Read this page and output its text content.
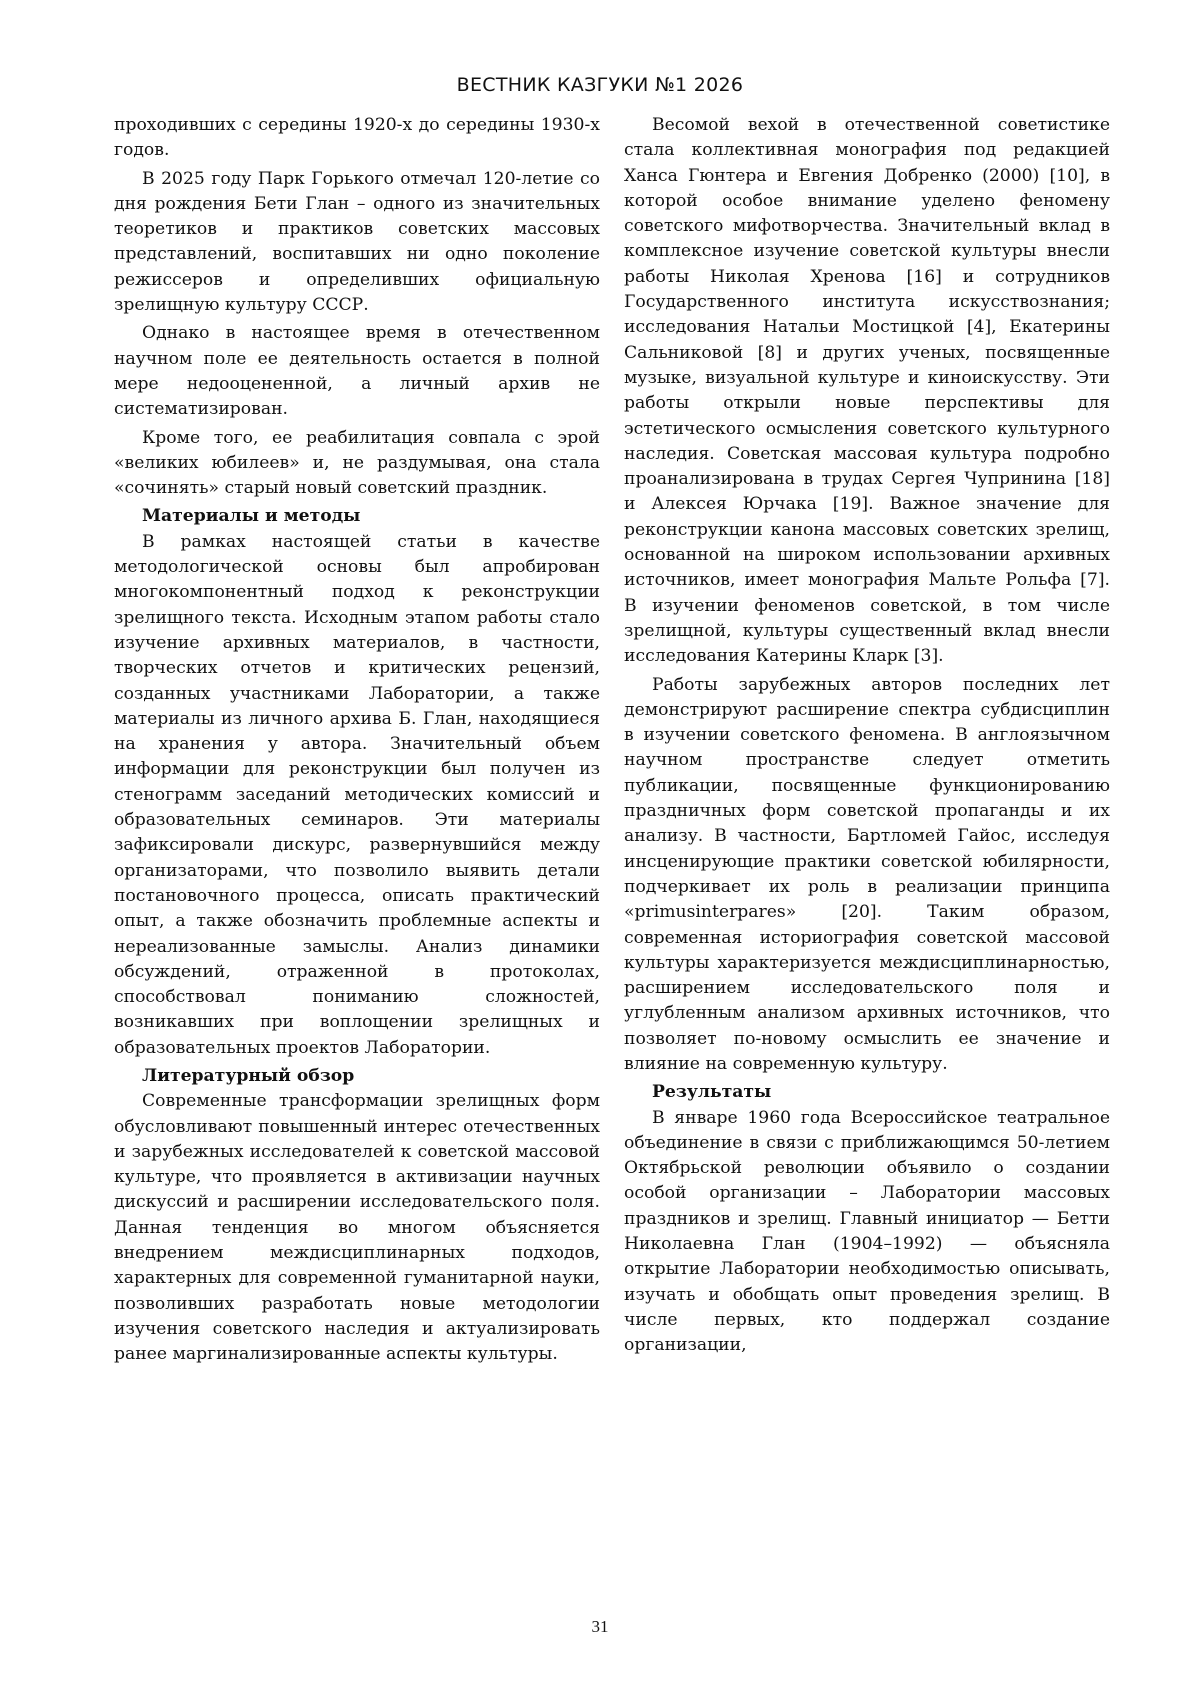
ВЕСТНИК КАЗГУКИ №1 2026

проходивших с середины 1920-х до середины 1930-х годов.

В 2025 году Парк Горького отмечал 120-летие со дня рождения Бети Глан – одного из значительных теоретиков и практиков советских массовых представлений, воспитавших ни одно поколение режиссеров и определивших официальную зрелищную культуру СССР.

Однако в настоящее время в отечественном научном поле ее деятельность остается в полной мере недооцененной, а личный архив не систематизирован.

Кроме того, ее реабилитация совпала с эрой «великих юбилеев» и, не раздумывая, она стала «сочинять» старый новый советский праздник.

Материалы и методы

В рамках настоящей статьи в качестве методологической основы был апробирован многокомпонентный подход к реконструкции зрелищного текста. Исходным этапом работы стало изучение архивных материалов, в частности, творческих отчетов и критических рецензий, созданных участниками Лаборатории, а также материалы из личного архива Б. Глан, находящиеся на хранения у автора. Значительный объем информации для реконструкции был получен из стенограмм заседаний методических комиссий и образовательных семинаров. Эти материалы зафиксировали дискурс, развернувшийся между организаторами, что позволило выявить детали постановочного процесса, описать практический опыт, а также обозначить проблемные аспекты и нереализованные замыслы. Анализ динамики обсуждений, отраженной в протоколах, способствовал пониманию сложностей, возникавших при воплощении зрелищных и образовательных проектов Лаборатории.

Литературный обзор

Современные трансформации зрелищных форм обусловливают повышенный интерес отечественных и зарубежных исследователей к советской массовой культуре, что проявляется в активизации научных дискуссий и расширении исследовательского поля. Данная тенденция во многом объясняется внедрением междисциплинарных подходов, характерных для современной гуманитарной науки, позволивших разработать новые методологии изучения советского наследия и актуализировать ранее маргинализированные аспекты культуры.

Весомой вехой в отечественной советистике стала коллективная монография под редакцией Ханса Гюнтера и Евгения Добренко (2000) [10], в которой особое внимание уделено феномену советского мифотворчества. Значительный вклад в комплексное изучение советской культуры внесли работы Николая Хренова [16] и сотрудников Государственного института искусствознания; исследования Натальи Мостицкой [4], Екатерины Сальниковой [8] и других ученых, посвященные музыке, визуальной культуре и киноискусству. Эти работы открыли новые перспективы для эстетического осмысления советского культурного наследия. Советская массовая культура подробно проанализирована в трудах Сергея Чупринина [18] и Алексея Юрчака [19]. Важное значение для реконструкции канона массовых советских зрелищ, основанной на широком использовании архивных источников, имеет монография Мальте Рольфа [7]. В изучении феноменов советской, в том числе зрелищной, культуры существенный вклад внесли исследования Катерины Кларк [3].

Работы зарубежных авторов последних лет демонстрируют расширение спектра субдисциплин в изучении советского феномена. В англоязычном научном пространстве следует отметить публикации, посвященные функционированию праздничных форм советской пропаганды и их анализу. В частности, Бартломей Гайос, исследуя инсценирующие практики советской юбилярности, подчеркивает их роль в реализации принципа «primusinterpares» [20]. Таким образом, современная историография советской массовой культуры характеризуется междисциплинарностью, расширением исследовательского поля и углубленным анализом архивных источников, что позволяет по-новому осмыслить ее значение и влияние на современную культуру.

Результаты

В январе 1960 года Всероссийское театральное объединение в связи с приближающимся 50-летием Октябрьской революции объявило о создании особой организации – Лаборатории массовых праздников и зрелищ. Главный инициатор — Бетти Николаевна Глан (1904–1992) — объясняла открытие Лаборатории необходимостью описывать, изучать и обобщать опыт проведения зрелищ. В числе первых, кто поддержал создание организации,

31
